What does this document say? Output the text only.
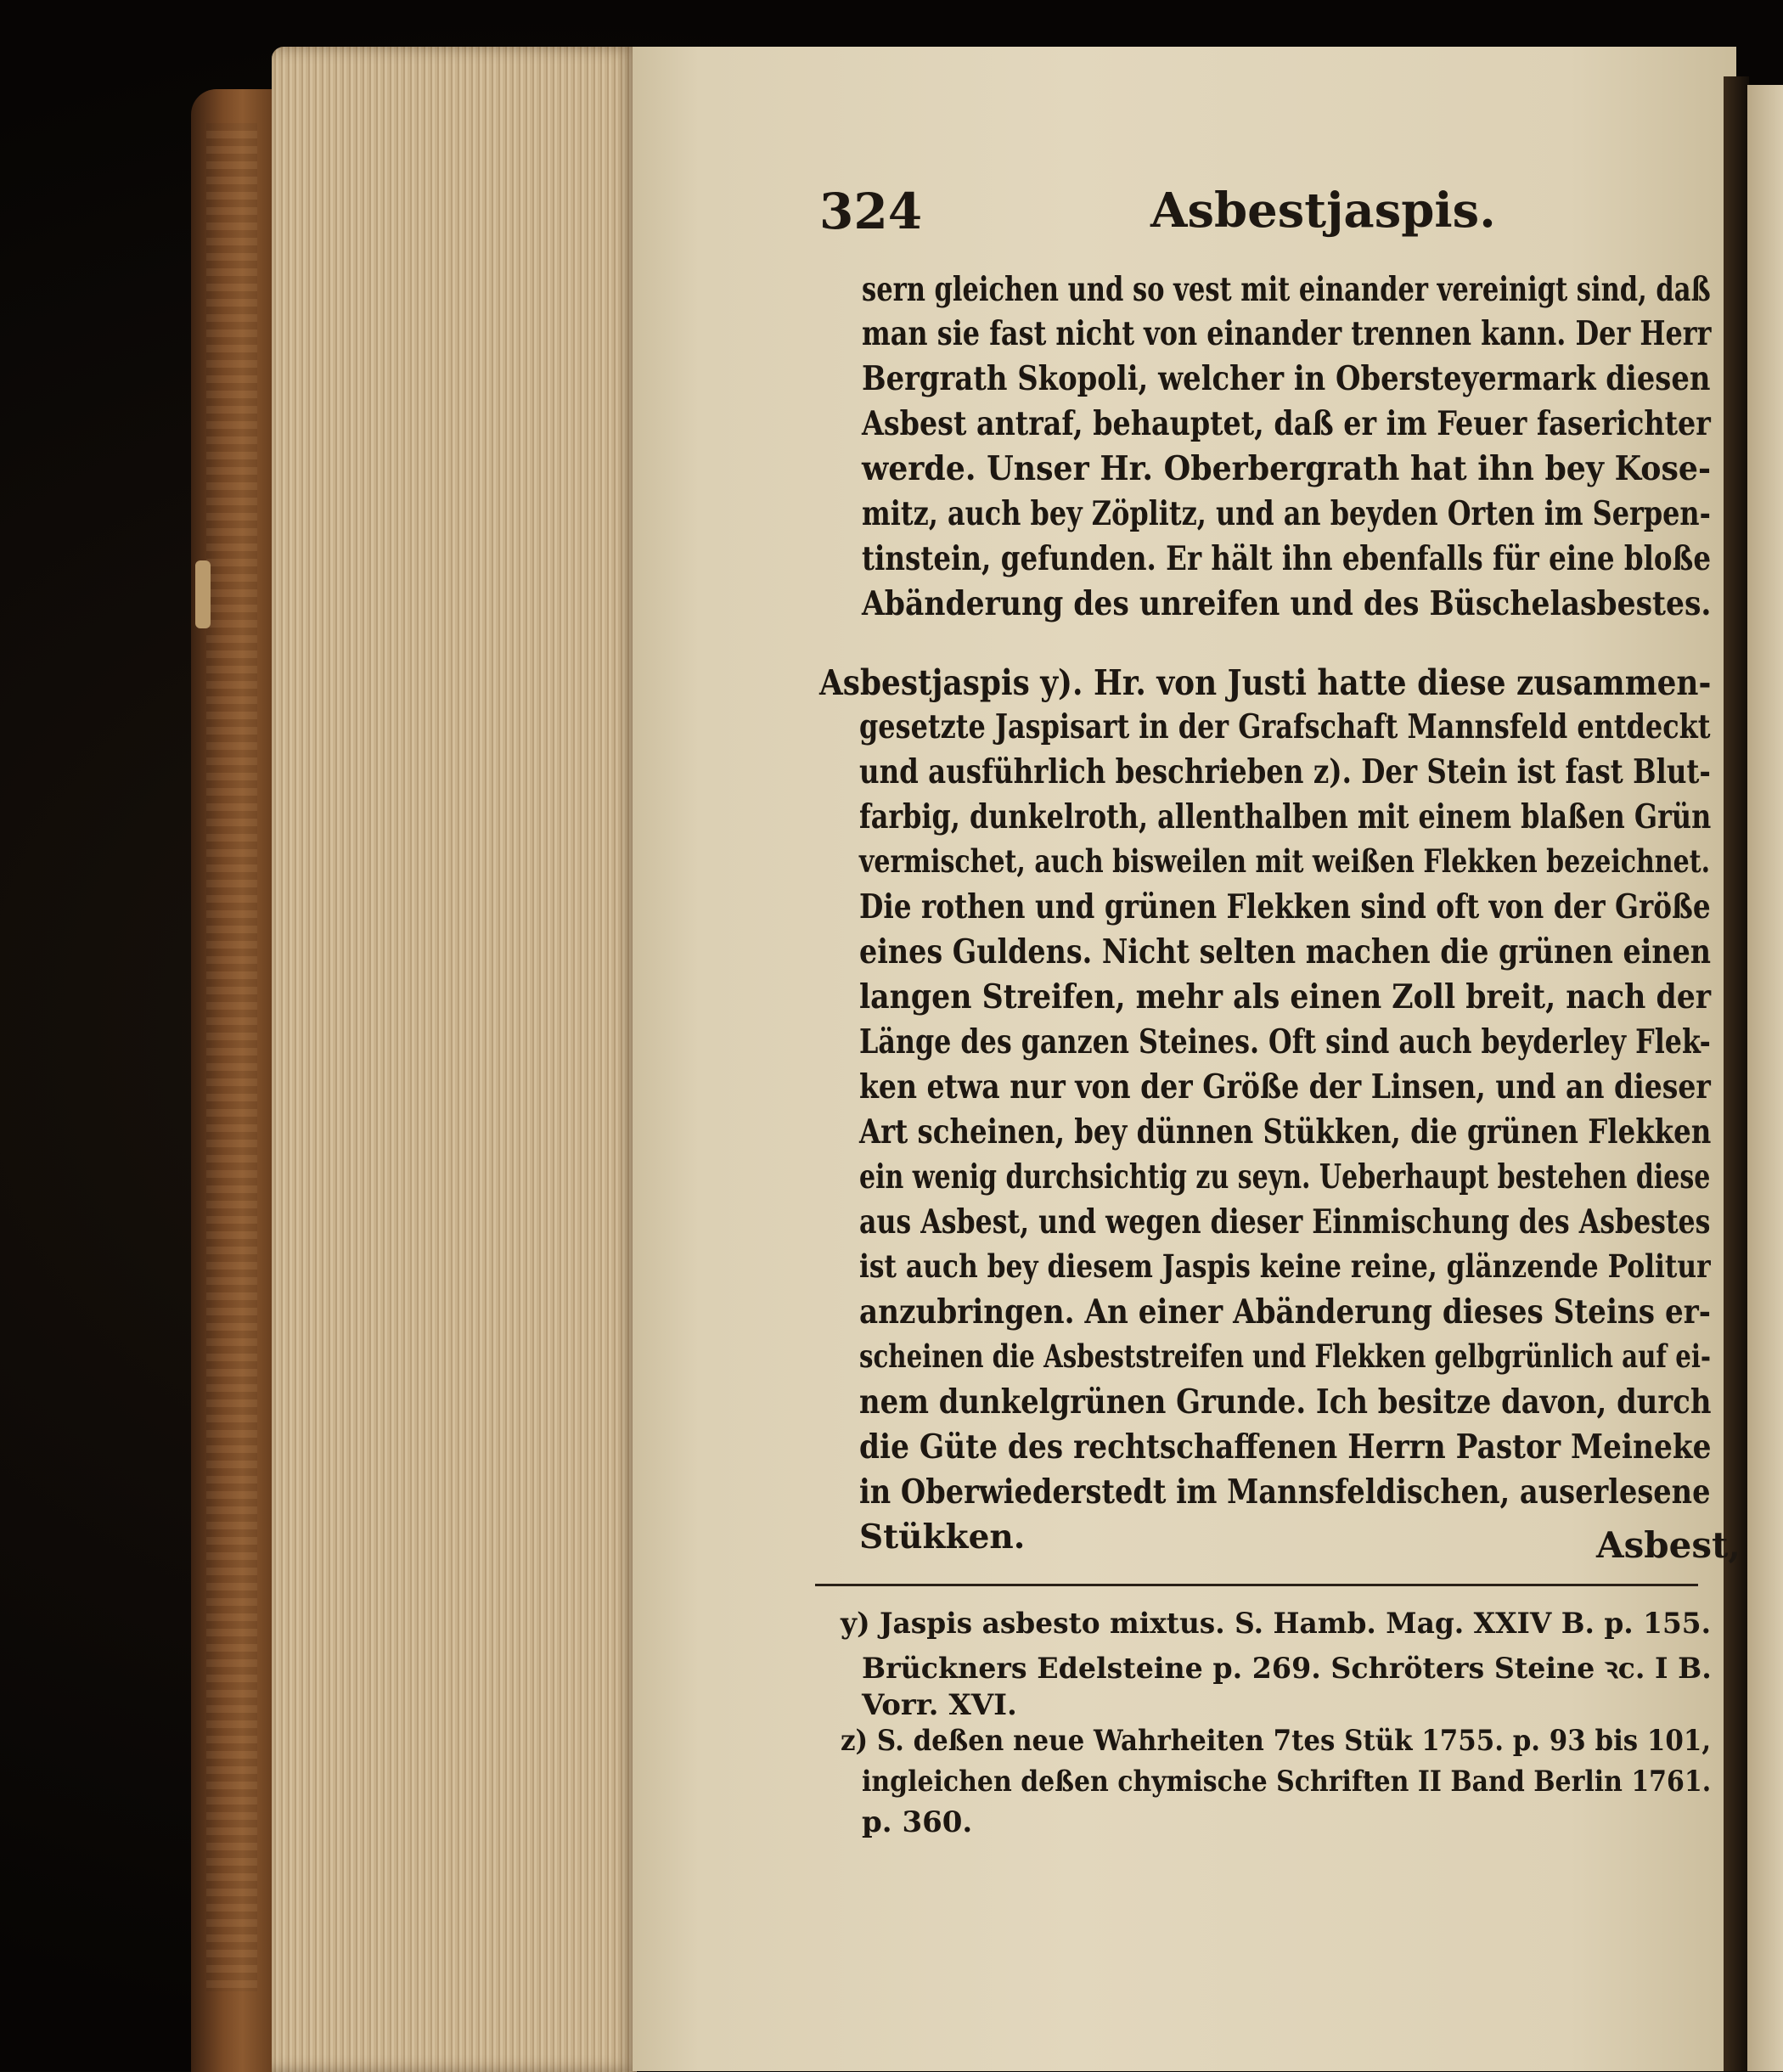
324	Asbestjaspis.
sern gleichen und so vest mit einander vereinigt sind, daß
man sie fast nicht von einander trennen kann. Der Herr
Bergrath Skopoli, welcher in Obersteyermark diesen
Asbest antraf, behauptet, daß er im Feuer faserichter
werde. Unser Hr. Oberbergrath hat ihn bey Kose-
mitz, auch bey Zöplitz, und an beyden Orten im Serpen-
tinstein, gefunden. Er hält ihn ebenfalls für eine bloße
Abänderung des unreifen und des Büschelasbestes.
Asbestjaspis y). Hr. von Justi hatte diese zusammen-
gesetzte Jaspisart in der Grafschaft Mannsfeld entdeckt
und ausführlich beschrieben z). Der Stein ist fast Blut-
farbig, dunkelroth, allenthalben mit einem blaßen Grün
vermischet, auch bisweilen mit weißen Flekken bezeichnet.
Die rothen und grünen Flekken sind oft von der Größe
eines Guldens. Nicht selten machen die grünen einen
langen Streifen, mehr als einen Zoll breit, nach der
Länge des ganzen Steines. Oft sind auch beyderley Flek-
ken etwa nur von der Größe der Linsen, und an dieser
Art scheinen, bey dünnen Stükken, die grünen Flekken
ein wenig durchsichtig zu seyn. Ueberhaupt bestehen diese
aus Asbest, und wegen dieser Einmischung des Asbestes
ist auch bey diesem Jaspis keine reine, glänzende Politur
anzubringen. An einer Abänderung dieses Steins er-
scheinen die Asbeststreifen und Flekken gelbgrünlich auf ei-
nem dunkelgrünen Grunde. Ich besitze davon, durch
die Güte des rechtschaffenen Herrn Pastor Meineke
in Oberwiederstedt im Mannsfeldischen, auserlesene
Stükken.	Asbest,
y) Jaspis asbesto mixtus. S. Hamb. Mag. XXIV B. p. 155.
Brückners Edelsteine p. 269. Schröters Steine ꝛc. I B.
Vorr. XVI.
z) S. deßen neue Wahrheiten 7tes Stük 1755. p. 93 bis 101,
ingleichen deßen chymische Schriften II Band Berlin 1761.
p. 360.
